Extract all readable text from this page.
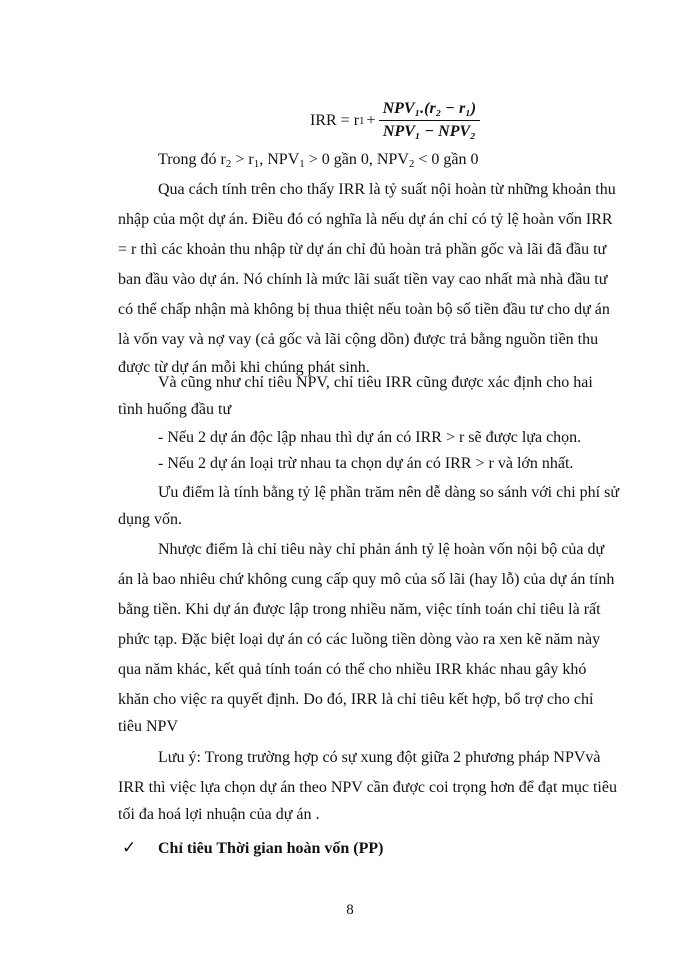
IRR = r $1 + \frac{\text{NPV₁.(r₂ − r₁)}}{\text{NPV₁ − NPV₂}}$
Trong đó $r_2 > r_1$, $NPV_1 > 0$ gần 0, $NPV_2 < 0$ gần 0
Qua cách tính trên cho thấy IRR là tỷ suất nội hoàn từ những khoản thu
nhập của một dự án. Điều đó có nghĩa là nếu dự án chỉ có tỷ lệ hoàn vốn IRR
= r thì các khoản thu nhập từ dự án chỉ đủ hoàn trả phần gốc và lãi đã đầu tư
ban đầu vào dự án. Nó chính là mức lãi suất tiền vay cao nhất mà nhà đầu tư
có thể chấp nhận mà không bị thua thiệt nếu toàn bộ số tiền đầu tư cho dự án
là vốn vay và nợ vay (cả gốc và lãi cộng dồn) được trả bằng nguồn tiền thu
được từ dự án mỗi khi chúng phát sinh.
Và cũng như chỉ tiêu NPV, chỉ tiêu IRR cũng được xác định cho hai
tình huống đầu tư
- Nếu 2 dự án độc lập nhau thì dự án có IRR > r sẽ được lựa chọn.
- Nếu 2 dự án loại trừ nhau ta chọn dự án có IRR > r và lớn nhất.
Ưu điểm là tính bằng tỷ lệ phần trăm nên dễ dàng so sánh với chi phí sử
dụng vốn.
Nhược điểm là chỉ tiêu này chỉ phản ánh tỷ lệ hoàn vốn nội bộ của dự
án là bao nhiêu chứ không cung cấp quy mô của số lãi (hay lỗ) của dự án tính
bằng tiền. Khi dự án được lập trong nhiều năm, việc tính toán chỉ tiêu là rất
phức tạp. Đặc biệt loại dự án có các luồng tiền dòng vào ra xen kẽ năm này
qua năm khác, kết quả tính toán có thể cho nhiều IRR khác nhau gây khó
khăn cho việc ra quyết định. Do đó, IRR là chỉ tiêu kết hợp, bổ trợ cho chỉ
tiêu NPV
Lưu ý: Trong trường hợp có sự xung đột giữa 2 phương pháp NPVvà
IRR thì việc lựa chọn dự án theo NPV cần được coi trọng hơn để đạt mục tiêu
tối đa hoá lợi nhuận của dự án .
✓ Chỉ tiêu Thời gian hoàn vốn (PP)
8
